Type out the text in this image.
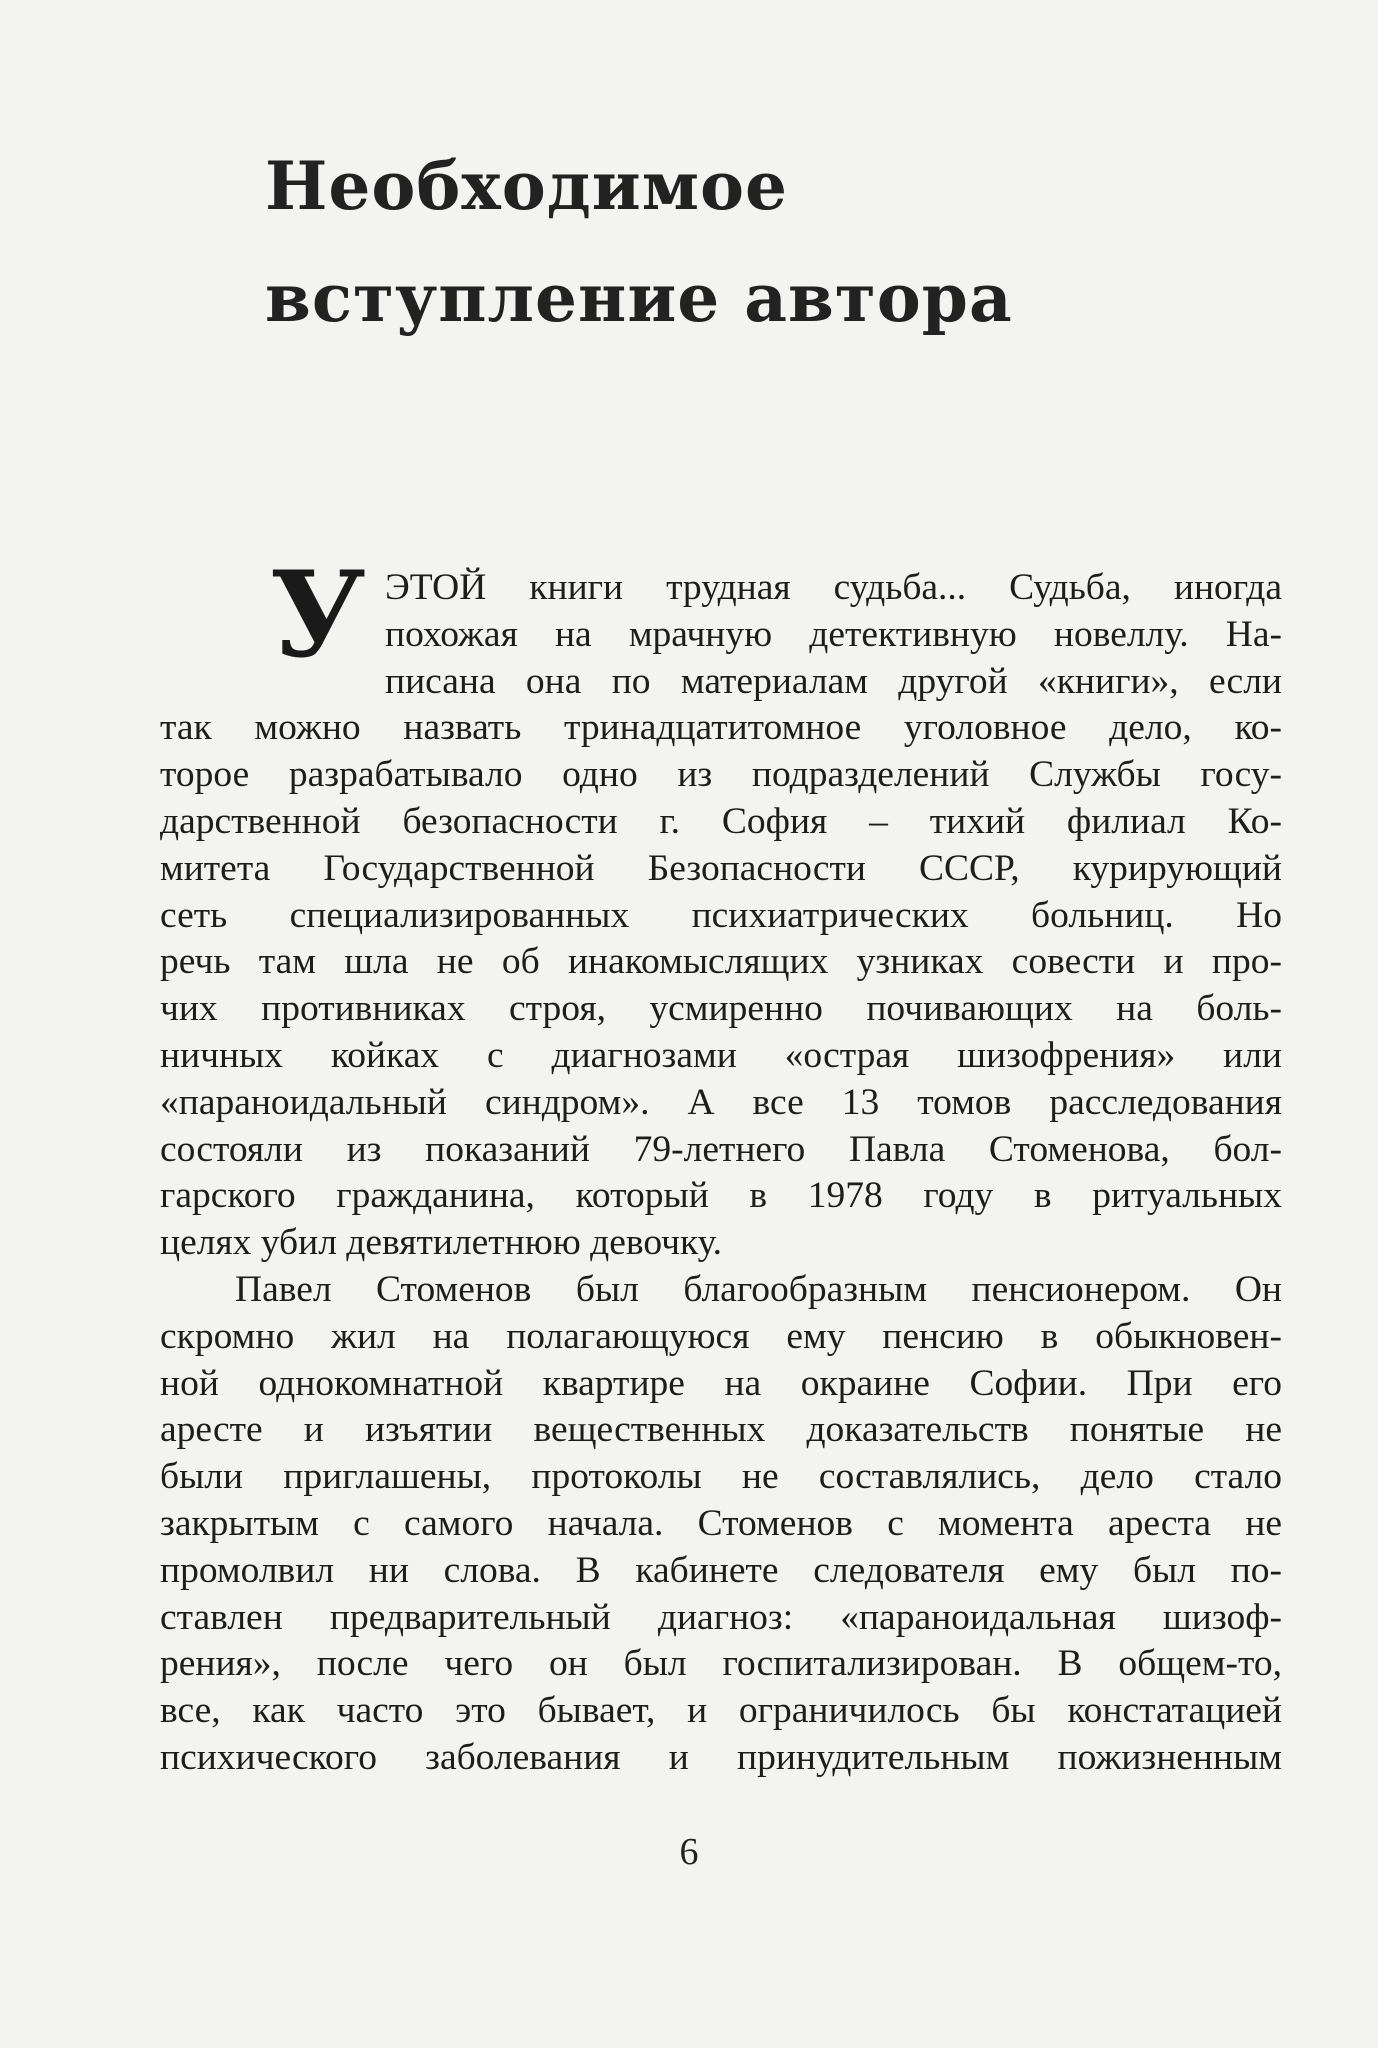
Необходимое
вступление автора
У ЭТОЙ книги трудная судьба... Судьба, иногда
похожая на мрачную детективную новеллу. На-
писана она по материалам другой «книги», если
так можно назвать тринадцатитомное уголовное дело, ко-
торое разрабатывало одно из подразделений Службы госу-
дарственной безопасности г. София – тихий филиал Ко-
митета Государственной Безопасности СССР, курирующий
сеть специализированных психиатрических больниц. Но
речь там шла не об инакомыслящих узниках совести и про-
чих противниках строя, усмиренно почивающих на боль-
ничных койках с диагнозами «острая шизофрения» или
«параноидальный синдром». А все 13 томов расследования
состояли из показаний 79-летнего Павла Стоменова, бол-
гарского гражданина, который в 1978 году в ритуальных
целях убил девятилетнюю девочку.
Павел Стоменов был благообразным пенсионером. Он
скромно жил на полагающуюся ему пенсию в обыкновен-
ной однокомнатной квартире на окраине Софии. При его
аресте и изъятии вещественных доказательств понятые не
были приглашены, протоколы не составлялись, дело стало
закрытым с самого начала. Стоменов с момента ареста не
промолвил ни слова. В кабинете следователя ему был по-
ставлен предварительный диагноз: «параноидальная шизоф-
рения», после чего он был госпитализирован. В общем-то,
все, как часто это бывает, и ограничилось бы констатацией
психического заболевания и принудительным пожизненным
6
